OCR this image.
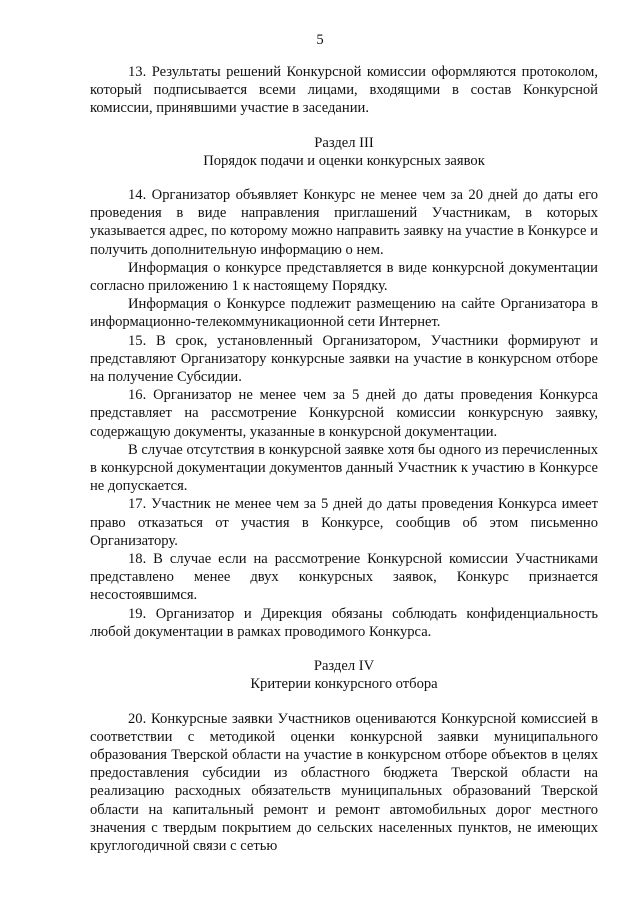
5

13. Результаты решений Конкурсной комиссии оформляются протоколом, который подписывается всеми лицами, входящими в состав Конкурсной комиссии, принявшими участие в заседании.

Раздел III

Порядок подачи и оценки конкурсных заявок

14. Организатор объявляет Конкурс не менее чем за 20 дней до даты его проведения в виде направления приглашений Участникам, в которых указывается адрес, по которому можно направить заявку на участие в Конкурсе и получить дополнительную информацию о нем.

Информация о конкурсе представляется в виде конкурсной документации согласно приложению 1 к настоящему Порядку.

Информация о Конкурсе подлежит размещению на сайте Организатора в информационно-телекоммуникационной сети Интернет.

15. В срок, установленный Организатором, Участники формируют и представляют Организатору конкурсные заявки на участие в конкурсном отборе на получение Субсидии.

16. Организатор не менее чем за 5 дней до даты проведения Конкурса представляет на рассмотрение Конкурсной комиссии конкурсную заявку, содержащую документы, указанные в конкурсной документации.

В случае отсутствия в конкурсной заявке хотя бы одного из перечисленных в конкурсной документации документов данный Участник к участию в Конкурсе не допускается.

17. Участник не менее чем за 5 дней до даты проведения Конкурса имеет право отказаться от участия в Конкурсе, сообщив об этом письменно Организатору.

18. В случае если на рассмотрение Конкурсной комиссии Участниками представлено менее двух конкурсных заявок, Конкурс признается несостоявшимся.

19. Организатор и Дирекция обязаны соблюдать конфиденциальность любой документации в рамках проводимого Конкурса.

Раздел IV

Критерии конкурсного отбора

20. Конкурсные заявки Участников оцениваются Конкурсной комиссией в соответствии с методикой оценки конкурсной заявки муниципального образования Тверской области на участие в конкурсном отборе объектов в целях предоставления субсидии из областного бюджета Тверской области на реализацию расходных обязательств муниципальных образований Тверской области на капитальный ремонт и ремонт автомобильных дорог местного значения с твердым покрытием до сельских населенных пунктов, не имеющих круглогодичной связи с сетью
